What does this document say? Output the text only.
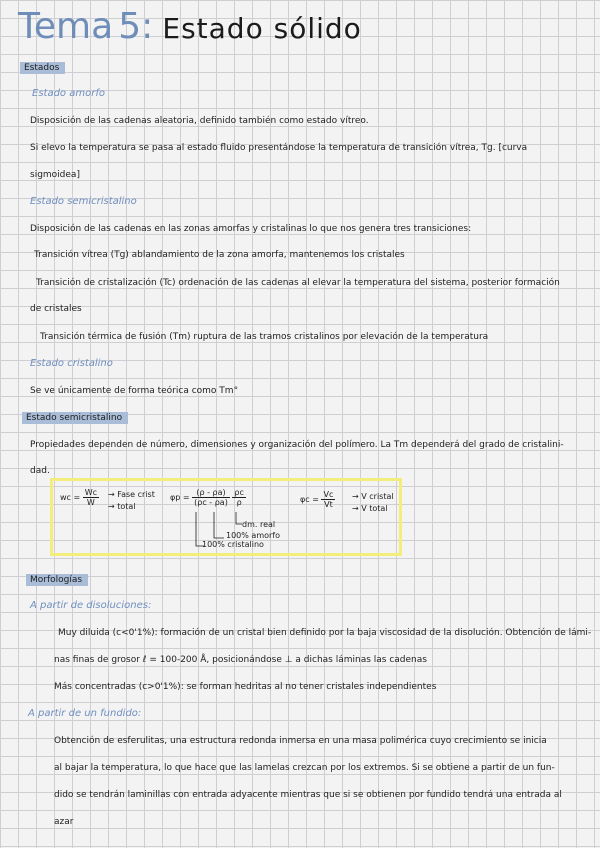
Tema 5: Estado sólido
Estados
Estado amorfo
Disposición de las cadenas aleatoria, definido también como estado vítreo.
Si elevo la temperatura se pasa al estado fluido presentándose la temperatura de transición vítrea, Tg. [curva
sigmoidea]
Estado semicristalino
Disposición de las cadenas en las zonas amorfas y cristalinas lo que nos genera tres transiciones:
Transición vítrea (Tg) ablandamiento de la zona amorfa, mantenemos los cristales
Transición de cristalización (Tc) ordenación de las cadenas al elevar la temperatura del sistema, posterior formación
de cristales
Transición térmica de fusión (Tm) ruptura de las tramos cristalinos por elevación de la temperatura
Estado cristalino
Se ve únicamente de forma teórica como Tm°
Estado semicristalino
Propiedades dependen de número, dimensiones y organización del polímero. La Tm dependerá del grado de cristalini-
dad.
wc = $\frac{Wc}{W}$ → Fase crist
→ total
$\varphi p = \frac{(\rho - \rho a)}{(\rho c - \rho a)}$
$\frac{\rho c}{\rho}$
dm. real
100% amorfo
100% cristalino
$\varphi c = \frac{Vc}{Vt} \to V$ cristal
→ V total
Morfologías
A partir de disoluciones:
Muy diluida (c<0'1%): formación de un cristal bien definido por la baja viscosidad de la disolución. Obtención de lámi-
nas finas de grosor ℓ = 100-200 Å, posicionándose ⊥ a dichas láminas las cadenas
Más concentradas (c>0'1%): se forman hedritas al no tener cristales independientes
A partir de un fundido:
Obtención de esferulitas, una estructura redonda inmersa en una masa polimérica cuyo crecimiento se inicia
al bajar la temperatura, lo que hace que las lamelas crezcan por los extremos. Si se obtiene a partir de un fun-
dido se tendrán laminillas con entrada adyacente mientras que si se obtienen por fundido tendrá una entrada al
azar
